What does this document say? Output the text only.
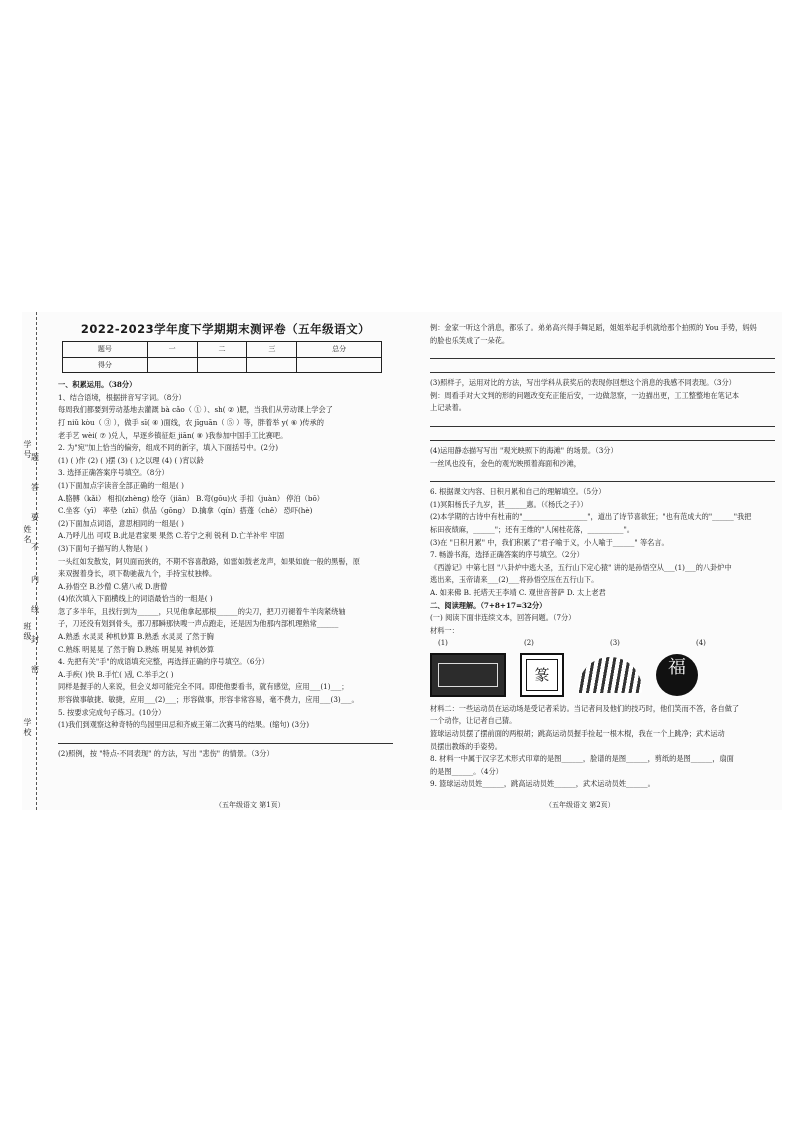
学号
姓名
班级
学校
题
答
要
不
内
线
封
密
2022-2023学年度下学期期末测评卷（五年级语文）
题号	一	二	三	总分
得分				
一、积累运用。（38分）
1、结合语境，根据拼音写字词。（8分）
每周我们都要到劳动基地去灌溉 bà cǎo（ ① ）、sh( ② )肥，当我们从劳动课上学会了
打 niǔ kòu（ ③ ），做手 sī( ④ )面线，农 jīguān（ ⑤ ）等，胖着举 y( ⑥ )传承的
老手艺 wèi( ⑦ )兑人，早逐乡镇征炬 jiān( ⑧ )我参加中国手工比赛吧。
2. 为"宛"加上恰当的偏旁，组成不同的新字，填入下面括号中。(2分)
(1) ( )作 (2) ( )摆 (3) ( )之以理 (4) ( )宵以龄
3. 选择正确答案序号填空。（8分）
(1)下面加点字读音全部正确的一组是( )
A.胳膊（kǎi） 相扣(zhèng) 绘夺（jiān） B.弯(gōu)火 手扣（juàn） 停泊（bō）
C.坐客（yī） 率垫（zhī）供品（gōng） D.擒拿（qín）搭蓬（chě） 恐吓(hè)
(2)下面加点词语，意思相同的一组是( )
A.乃呼儿出 可哎 B.此是君家果 果然 C.若宁之利 锐利 D.亡羊补牢 牢固
(3)下面句子描写的人物是( )
一头红如发散发，阿贝面而狭的，不期不容喜散路，如雷如鼓老龙声，如果如旋一般的黑髻，原
来双握着身长，项下勒驰裁九个，手持宝杖独棒。
A.孙悟空 B.沙僧 C.猪八戒 D.唐僧
(4)依次填入下面横线上的词语最恰当的一组是( )
忽了多半年，且找行到为______，只见他拿起那根______的尖刀，把刀刃褪着牛羊肉紧绕轴
子，刀还没有划到骨头，那刀那瞬那快嗖一声点跑走，还是因为他那内部机理熟常______
A.熟悉 水灵灵 种机妙算 B.熟悉 水灵灵 了然于胸
C.熟练 明晃晃 了然于胸 D.熟练 明晃晃 神机妙算
4. 先把有关"手"的成语填充完整，再选择正确的序号填空。（6分）
A.手疾( )快 B.手忙( )乱 C.举手之( )
同样是握手的人来说，但会义却可能完全不同。即使他要看书，就有感觉，应用___(1)___；
形容做事敏捷、敏捷，应用___(2)___；形容做事，形容非常容易，毫不费力，应用___(3)___。
5. 按要求完成句子练习。(10分）
(1)我们到观察这种奇特的鸟园里田忌和齐威王第二次赛马的结果。(缩句) (3分)
(2)照例，按 "特点-不同表现" 的方法，写出 "悲伤" 的情景。（3分）
例：金家一听这个消息，都乐了。弟弟高兴得手舞足蹈，姐姐举起手机就给那个拍照的 You 手势，妈妈
的脸也乐笑成了一朵花。
(3)照样子，运用对比的方法，写出学科从获奖后的表现你回想这个消息的我感不同表现。（3分）
例：周看手对大文判的形的问题改变充正能后安，一边做忽察，一边描出更，工工整整地在笔记本
上记录着。
(4)运用静态描写写出 "观光映照下的海滩" 的场景。（3分）
一丝风也没有，金色的观光映照着海面和沙滩，
6. 根据课文内容、日积月累和自己的理解填空。（5分）
(1)冥阳杨氏子九岁，甚______惠。（《杨氏之子》）
(2)本学期的古诗中有杜甫的"__________________"，道出了诗节喜欲狂；"也有范成大的"______"我把
标田夜绩麻，______"；还有王维的"人闲桂花落，__________"。
(3)在 "日积月累" 中，我们积累了"君子喻于义，小人喻于______" 等名言。
7. 畅游书海，选择正确答案的序号填空。（2分）
《西游记》中第七回 "八卦炉中逃大圣，五行山下定心猿" 讲的是孙悟空从___(1)___的八卦炉中
逃出来，玉帝请来___(2)___将孙悟空压在五行山下。
A. 如来佛 B. 托塔天王李靖 C. 观世音菩萨 D. 太上老君
二、阅读理解。（7+8+17=32分）
(一) 阅读下面非连续文本，回答问题。（7分）
材料一：
(1)	(2)	(3)	(4)
篆	福
材料二：一些运动员在运动场是受记者采访。当记者问及他们的技巧时，他们笑而不答，各自做了
一个动作，让记者自己猜。
篮球运动员摆了摆前面的两根胡；跳高运动员握手捡起一根木棍，我在一个上跳净；武术运动
员摆出教练的手姿势。
8. 材料一中属于汉字艺术形式印章的是图______，脸谱的是图______，剪纸的是图______，扇面
的是图______。（4分）
9. 篮球运动员姓______，跳高运动员姓______，武术运动员姓______。
（五年级语文 第1页）	（五年级语文 第2页）
